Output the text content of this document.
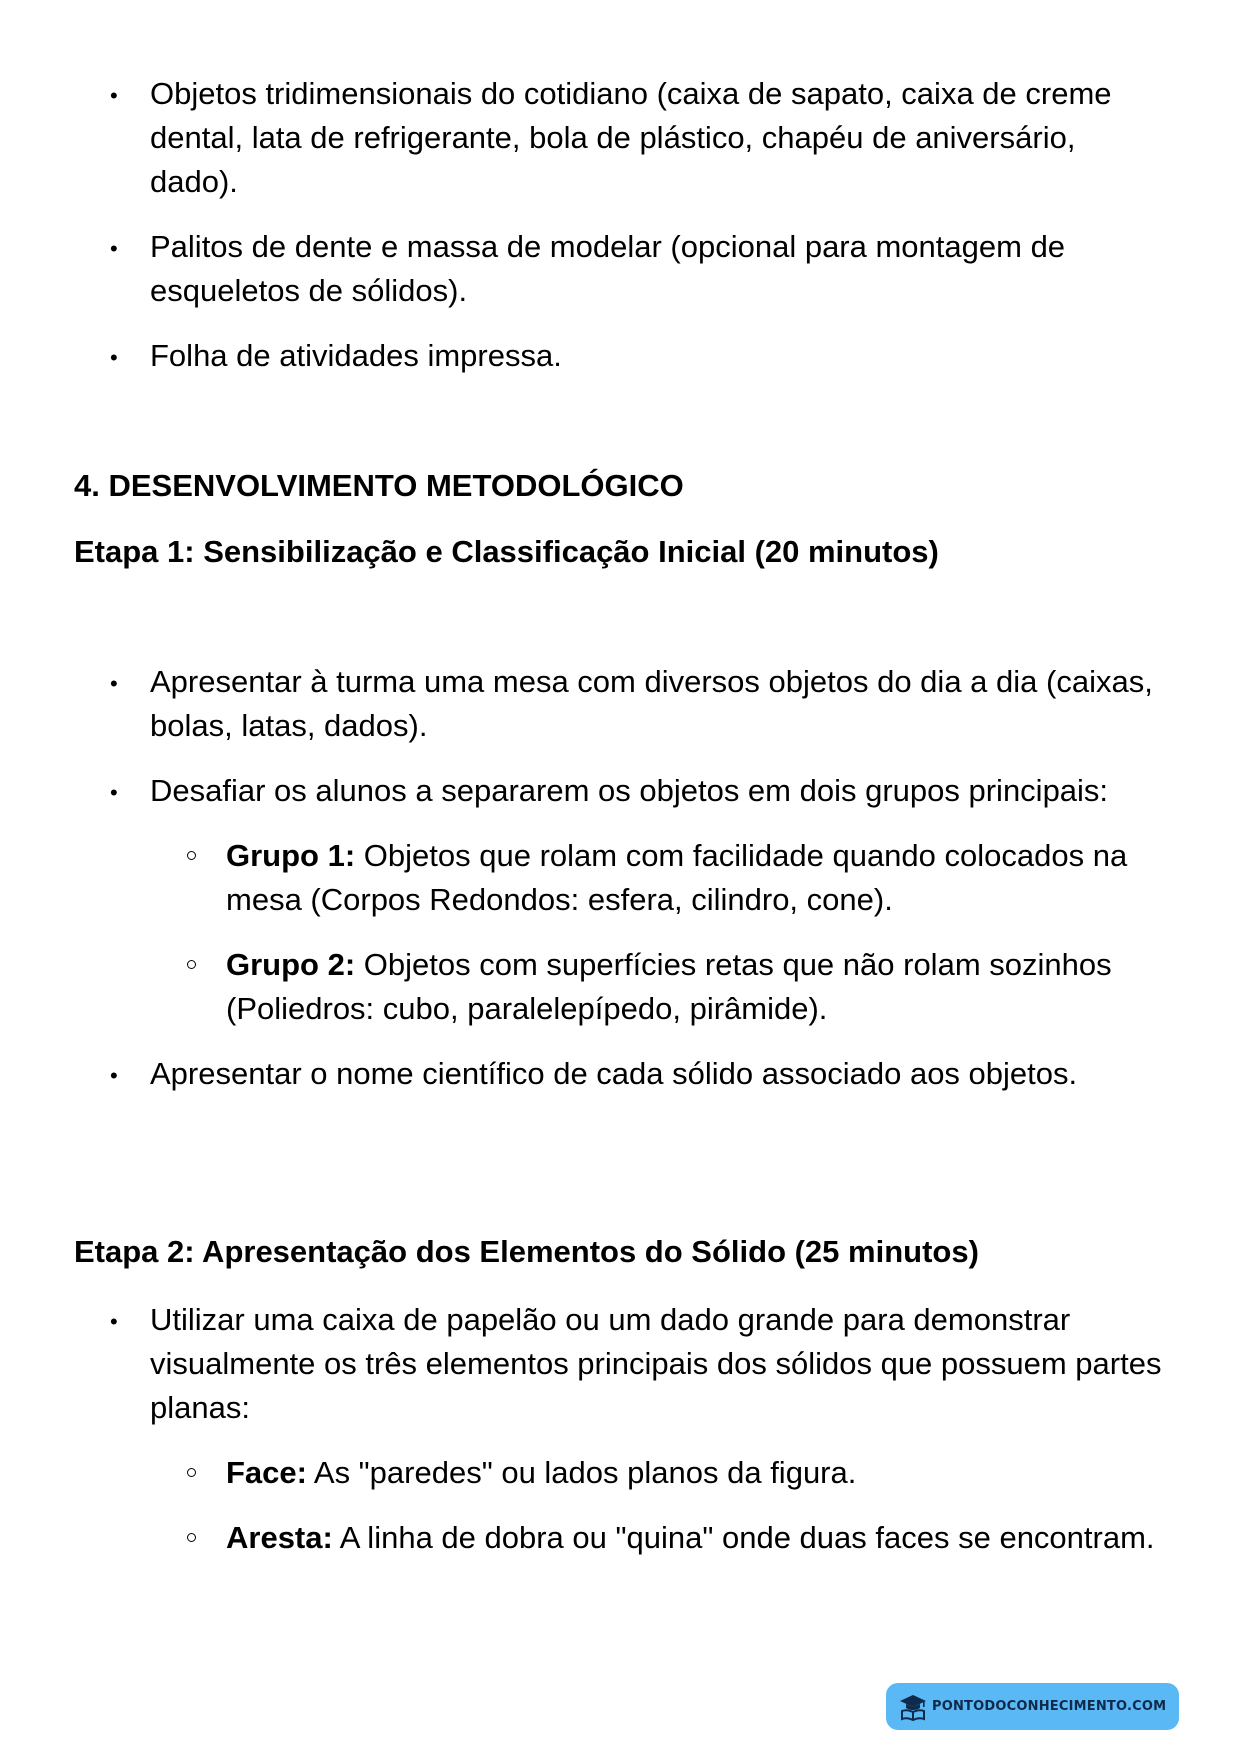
• Objetos tridimensionais do cotidiano (caixa de sapato, caixa de creme dental, lata de refrigerante, bola de plástico, chapéu de aniversário, dado).
• Palitos de dente e massa de modelar (opcional para montagem de esqueletos de sólidos).
• Folha de atividades impressa.
4. DESENVOLVIMENTO METODOLÓGICO
Etapa 1: Sensibilização e Classificação Inicial (20 minutos)
• Apresentar à turma uma mesa com diversos objetos do dia a dia (caixas, bolas, latas, dados).
• Desafiar os alunos a separarem os objetos em dois grupos principais:
Grupo 1: Objetos que rolam com facilidade quando colocados na mesa (Corpos Redondos: esfera, cilindro, cone).
Grupo 2: Objetos com superfícies retas que não rolam sozinhos (Poliedros: cubo, paralelepípedo, pirâmide).
• Apresentar o nome científico de cada sólido associado aos objetos.
Etapa 2: Apresentação dos Elementos do Sólido (25 minutos)
• Utilizar uma caixa de papelão ou um dado grande para demonstrar visualmente os três elementos principais dos sólidos que possuem partes planas:
Face: As "paredes" ou lados planos da figura.
Aresta: A linha de dobra ou "quina" onde duas faces se encontram.
PONTODOCONHECIMENTO.COM
